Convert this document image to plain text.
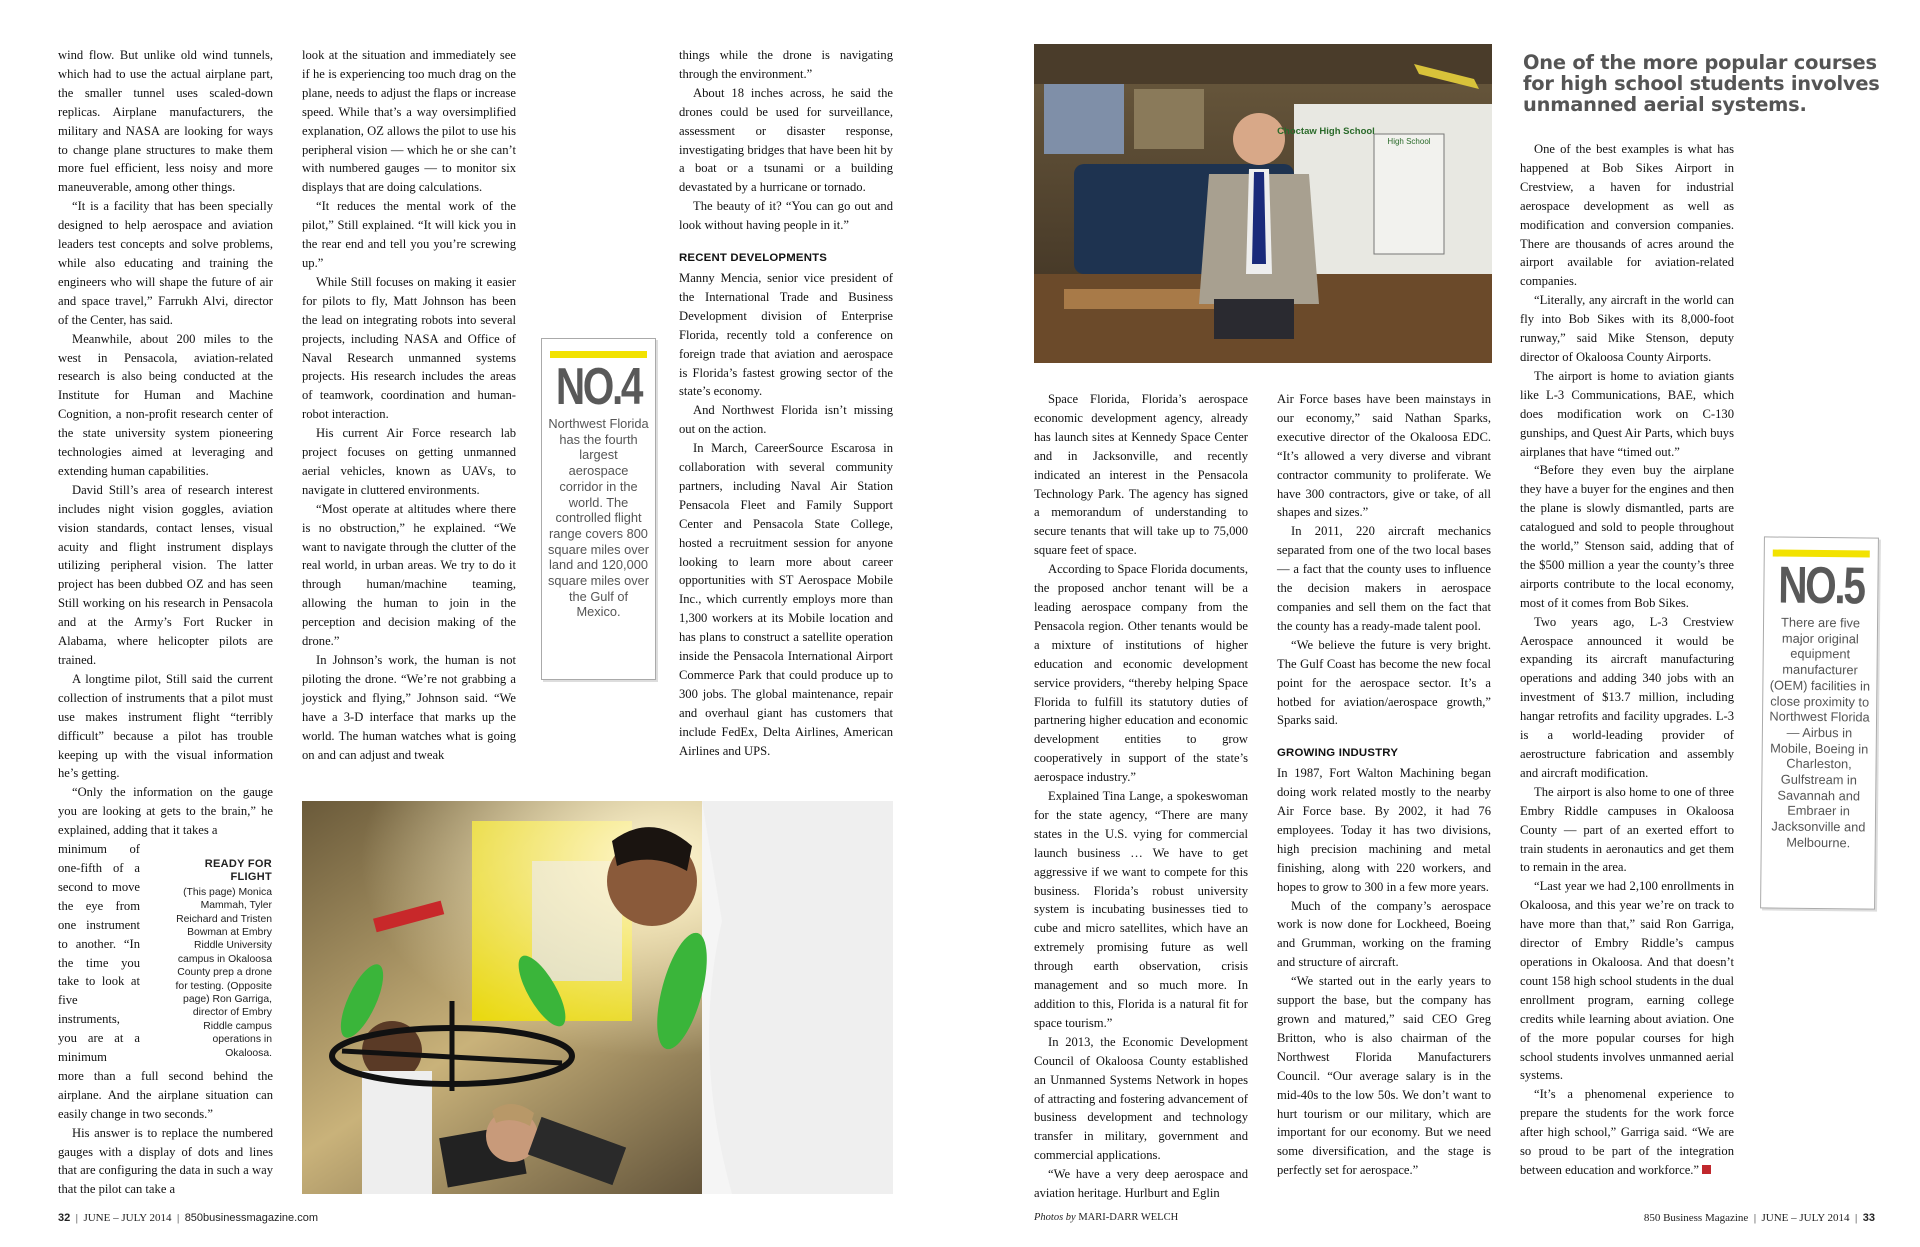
wind flow. But unlike old wind tunnels, which had to use the actual airplane part, the smaller tunnel uses scaled-down replicas. Airplane manufacturers, the military and NASA are looking for ways to change plane structures to make them more fuel efficient, less noisy and more maneuverable, among other things.

“It is a facility that has been specially designed to help aerospace and aviation leaders test concepts and solve problems, while also educating and training the engineers who will shape the future of air and space travel,” Farrukh Alvi, director of the Center, has said.

Meanwhile, about 200 miles to the west in Pensacola, aviation-related research is also being conducted at the Institute for Human and Machine Cognition, a non-profit research center of the state university system pioneering technologies aimed at leveraging and extending human capabilities.

David Still’s area of research interest includes night vision goggles, aviation vision standards, contact lenses, visual acuity and flight instrument displays utilizing peripheral vision. The latter project has been dubbed OZ and has seen Still working on his research in Pensacola and at the Army’s Fort Rucker in Alabama, where helicopter pilots are trained.

A longtime pilot, Still said the current collection of instruments that a pilot must use makes instrument flight “terribly difficult” because a pilot has trouble keeping up with the visual information he’s getting.

“Only the information on the gauge you are looking at gets to the brain,” he explained, adding that it takes a

minimum of one-fifth of a second to move the eye from one instrument to another. “In the time you take to look at five instruments, you are at a minimum

more than a full second behind the airplane. And the airplane situation can easily change in two seconds.”

His answer is to replace the numbered gauges with a display of dots and lines that are configuring the data in such a way that the pilot can take a

READY FOR FLIGHT
(This page) Monica Mammah, Tyler Reichard and Tristen Bowman at Embry Riddle University campus in Okaloosa County prep a drone for testing. (Opposite page) Ron Garriga, director of Embry Riddle campus operations in Okaloosa.

look at the situation and immediately see if he is experiencing too much drag on the plane, needs to adjust the flaps or increase speed. While that’s a way oversimplified explanation, OZ allows the pilot to use his peripheral vision — which he or she can’t with numbered gauges — to monitor six displays that are doing calculations.

“It reduces the mental work of the pilot,” Still explained. “It will kick you in the rear end and tell you you’re screwing up.”

While Still focuses on making it easier for pilots to fly, Matt Johnson has been the lead on integrating robots into several projects, including NASA and Office of Naval Research unmanned systems projects. His research includes the areas of teamwork, coordination and human-robot interaction.

His current Air Force research lab project focuses on getting unmanned aerial vehicles, known as UAVs, to navigate in cluttered environments.

“Most operate at altitudes where there is no obstruction,” he explained. “We want to navigate through the clutter of the real world, in urban areas. We try to do it through human/machine teaming, allowing the human to join in the perception and decision making of the drone.”

In Johnson’s work, the human is not piloting the drone. “We’re not grabbing a joystick and flying,” Johnson said. “We have a 3-D interface that marks up the world. The human watches what is going on and can adjust and tweak

NO.4
Northwest Florida has the fourth largest aerospace corridor in the world. The controlled flight range covers 800 square miles over land and 120,000 square miles over the Gulf of Mexico.

things while the drone is navigating through the environment.”

About 18 inches across, he said the drones could be used for surveillance, assessment or disaster response, investigating bridges that have been hit by a boat or a tsunami or a building devastated by a hurricane or tornado.

The beauty of it? “You can go out and look without having people in it.”

RECENT DEVELOPMENTS

Manny Mencia, senior vice president of the International Trade and Business Development division of Enterprise Florida, recently told a conference on foreign trade that aviation and aerospace is Florida’s fastest growing sector of the state’s economy.

And Northwest Florida isn’t missing out on the action.

In March, CareerSource Escarosa in collaboration with several community partners, including Naval Air Station Pensacola Fleet and Family Support Center and Pensacola State College, hosted a recruitment session for anyone looking to learn more about career opportunities with ST Aerospace Mobile Inc., which currently employs more than 1,300 workers at its Mobile location and has plans to construct a satellite operation inside the Pensacola International Airport Commerce Park that could produce up to 300 jobs. The global maintenance, repair and overhaul giant has customers that include FedEx, Delta Airlines, American Airlines and UPS.

32  |  JUNE – JULY 2014  |  850businessmagazine.com
Choctaw High School
High School

Space Florida, Florida’s aerospace economic development agency, already has launch sites at Kennedy Space Center and in Jacksonville, and recently indicated an interest in the Pensacola Technology Park. The agency has signed a memorandum of understanding to secure tenants that will take up to 75,000 square feet of space.

According to Space Florida documents, the proposed anchor tenant will be a leading aerospace company from the Pensacola region. Other tenants would be a mixture of institutions of higher education and economic development service providers, “thereby helping Space Florida to fulfill its statutory duties of partnering higher education and economic development entities to grow cooperatively in support of the state’s aerospace industry.”

Explained Tina Lange, a spokeswoman for the state agency, “There are many states in the U.S. vying for commercial launch business … We have to get aggressive if we want to compete for this business. Florida’s robust university system is incubating businesses tied to cube and micro satellites, which have an extremely promising future as well through earth observation, crisis management and so much more. In addition to this, Florida is a natural fit for space tourism.”

In 2013, the Economic Development Council of Okaloosa County established an Unmanned Systems Network in hopes of attracting and fostering advancement of business development and technology transfer in military, government and commercial applications.

“We have a very deep aerospace and aviation heritage. Hurlburt and Eglin

Air Force bases have been mainstays in our economy,” said Nathan Sparks, executive director of the Okaloosa EDC. “It’s allowed a very diverse and vibrant contractor community to proliferate. We have 300 contractors, give or take, of all shapes and sizes.”

In 2011, 220 aircraft mechanics separated from one of the two local bases — a fact that the county uses to influence the decision makers in aerospace companies and sell them on the fact that the county has a ready-made talent pool.

“We believe the future is very bright. The Gulf Coast has become the new focal point for the aerospace sector. It’s a hotbed for aviation/aerospace growth,” Sparks said.

GROWING INDUSTRY

In 1987, Fort Walton Machining began doing work related mostly to the nearby Air Force base. By 2002, it had 76 employees. Today it has two divisions, high precision machining and metal finishing, along with 220 workers, and hopes to grow to 300 in a few more years.

Much of the company’s aerospace work is now done for Lockheed, Boeing and Grumman, working on the framing and structure of aircraft.

“We started out in the early years to support the base, but the company has grown and matured,” said CEO Greg Britton, who is also chairman of the Northwest Florida Manufacturers Council. “Our average salary is in the mid-40s to the low 50s. We don’t want to hurt tourism or our military, which are important for our economy. But we need some diversification, and the stage is perfectly set for aerospace.”

One of the more popular courses for high school students involves unmanned aerial systems.

One of the best examples is what has happened at Bob Sikes Airport in Crestview, a haven for industrial aerospace development as well as modification and conversion companies. There are thousands of acres around the airport available for aviation-related companies.

“Literally, any aircraft in the world can fly into Bob Sikes with its 8,000-foot runway,” said Mike Stenson, deputy director of Okaloosa County Airports.

The airport is home to aviation giants like L-3 Communications, BAE, which does modification work on C-130 gunships, and Quest Air Parts, which buys airplanes that have “timed out.”

“Before they even buy the airplane they have a buyer for the engines and then the plane is slowly dismantled, parts are catalogued and sold to people throughout the world,” Stenson said, adding that of the $500 million a year the county’s three airports contribute to the local economy, most of it comes from Bob Sikes.

Two years ago, L-3 Crestview Aerospace announced it would be expanding its aircraft manufacturing operations and adding 340 jobs with an investment of $13.7 million, including hangar retrofits and facility upgrades. L-3 is a world-leading provider of aerostructure fabrication and assembly and aircraft modification.

The airport is also home to one of three Embry Riddle campuses in Okaloosa County — part of an exerted effort to train students in aeronautics and get them to remain in the area.

“Last year we had 2,100 enrollments in Okaloosa, and this year we’re on track to have more than that,” said Ron Garriga, director of Embry Riddle’s campus operations in Okaloosa. And that doesn’t count 158 high school students in the dual enrollment program, earning college credits while learning about aviation. One of the more popular courses for high school students involves unmanned aerial systems.

“It’s a phenomenal experience to prepare the students for the work force after high school,” Garriga said. “We are so proud to be part of the integration between education and workforce.”

NO.5
There are five major original equipment manufacturer (OEM) facilities in close proximity to Northwest Florida — Airbus in Mobile, Boeing in Charleston, Gulfstream in Savannah and Embraer in Jacksonville and Melbourne.
Photos by MARI-DARR WELCH	850 Business Magazine  |  JUNE – JULY 2014  |  33
